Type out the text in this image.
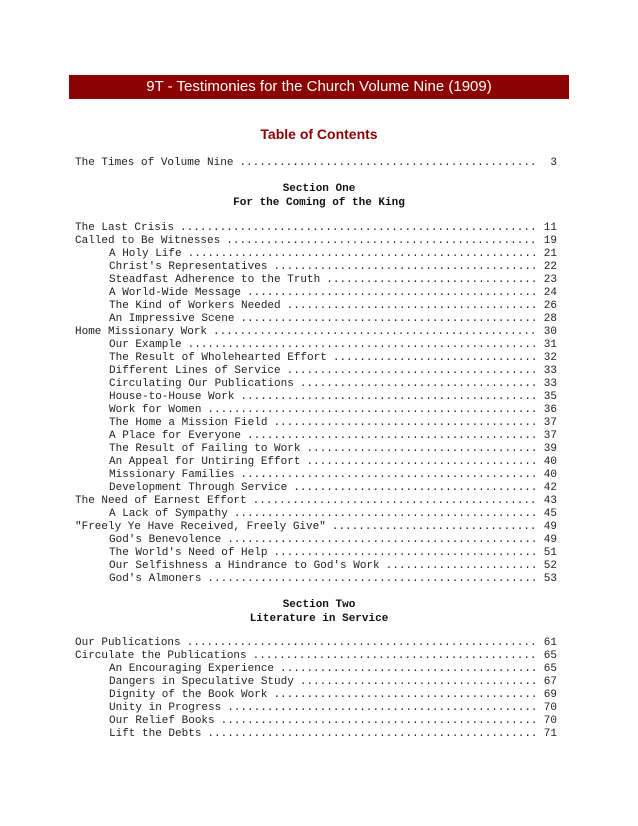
9T - Testimonies for the Church Volume Nine (1909)
Table of Contents
The Times of Volume Nine . . .	3
Section One
For the Coming of the King
The Last Crisis . . .	11
Called to Be Witnesses . . .	19
A Holy Life . . .	21
Christ's Representatives . . .	22
Steadfast Adherence to the Truth . . .	23
A World-Wide Message . . .	24
The Kind of Workers Needed . . .	26
An Impressive Scene . . .	28
Home Missionary Work . . .	30
Our Example . . .	31
The Result of Wholehearted Effort . . .	32
Different Lines of Service . . .	33
Circulating Our Publications . . .	33
House-to-House Work . . .	35
Work for Women . . .	36
The Home a Mission Field . . .	37
A Place for Everyone . . .	37
The Result of Failing to Work . . .	39
An Appeal for Untiring Effort . . .	40
Missionary Families . . .	40
Development Through Service . . .	42
The Need of Earnest Effort . . .	43
A Lack of Sympathy . . .	45
"Freely Ye Have Received, Freely Give" . . .	49
God's Benevolence . . .	49
The World's Need of Help . . .	51
Our Selfishness a Hindrance to God's Work . . .	52
God's Almoners . . .	53
Section Two
Literature in Service
Our Publications . . .	61
Circulate the Publications . . .	65
An Encouraging Experience . . .	65
Dangers in Speculative Study . . .	67
Dignity of the Book Work . . .	69
Unity in Progress . . .	70
Our Relief Books . . .	70
Lift the Debts . . .	71
